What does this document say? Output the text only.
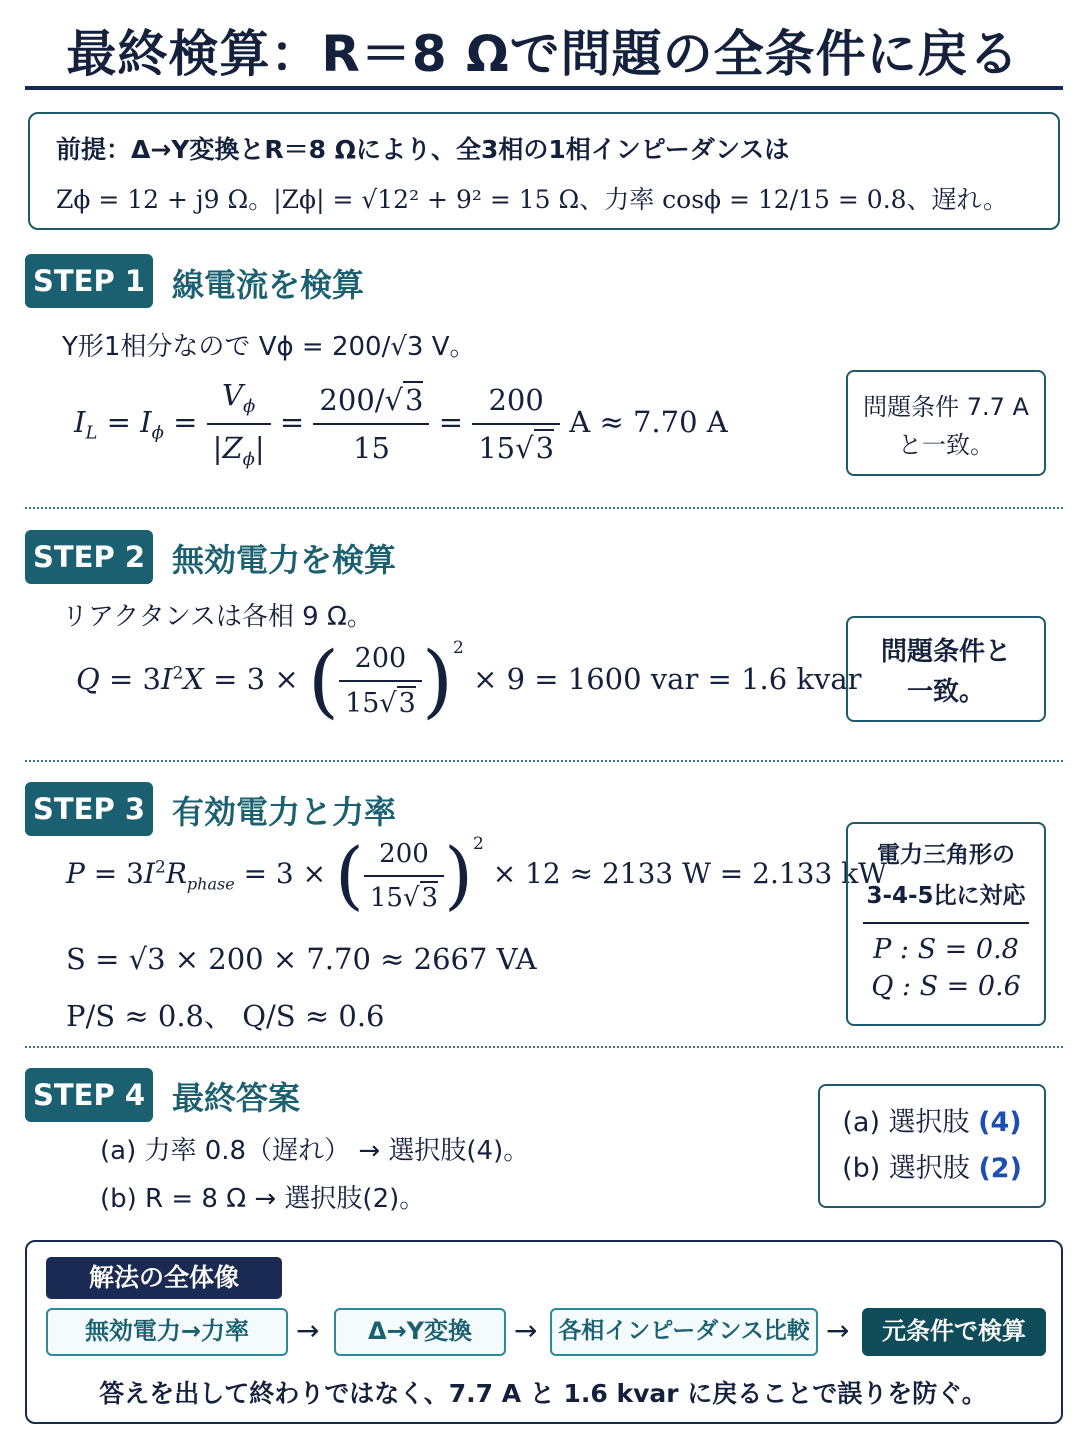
最終検算：R＝8 Ωで問題の全条件に戻る
前提：Δ→Y変換とR＝8 Ωにより、全3相の1相インピーダンスは
Zϕ = 12 + j9 Ω。|Zϕ| = √12² + 9² = 15 Ω、力率 cosϕ = 12/15 = 0.8、遅れ。
STEP 1 線電流を検算
Y形1相分なので Vϕ = 200/√3 V。
$I_L = I_\phi = \frac{V_\phi}{|Z_\phi|} = \frac{200/√3}{15} = \frac{200}{15√3}$ A ≈ 7.70 A	問題条件 7.7 A
と一致。
STEP 2 無効電力を検算
リアクタンスは各相 9 Ω。
$Q = 3I^2X = 3$ × ( $\frac{200}{15√3} )^2 \times 9 = 1600$ var = 1.6 kvar
問題条件と
一致。
STEP 3 有効電力と力率
$P = 3I^2R_{phase} = 3$ × ( $\frac{200}{15√3} )^2 \times 12 \approx 2133$ W = 2.133 kW
S = √3 × 200 × 7.70 ≈ 2667 VA
P/S ≈ 0.8、 Q/S ≈ 0.6
電力三角形の
3-4-5比に対応
P : S = 0.8
Q : S = 0.6
STEP 4 最終答案
(a) 力率 0.8（遅れ） → 選択肢(4)。
(b) R = 8 Ω → 選択肢(2)。
(a) 選択肢 (4)
(b) 選択肢 (2)
解法の全体像
無効電力→力率	→	Δ→Y変換	→ 各相インピーダンス比較 →	元条件で検算
答えを出して終わりではなく、7.7 A と 1.6 kvar に戻ることで誤りを防ぐ。
